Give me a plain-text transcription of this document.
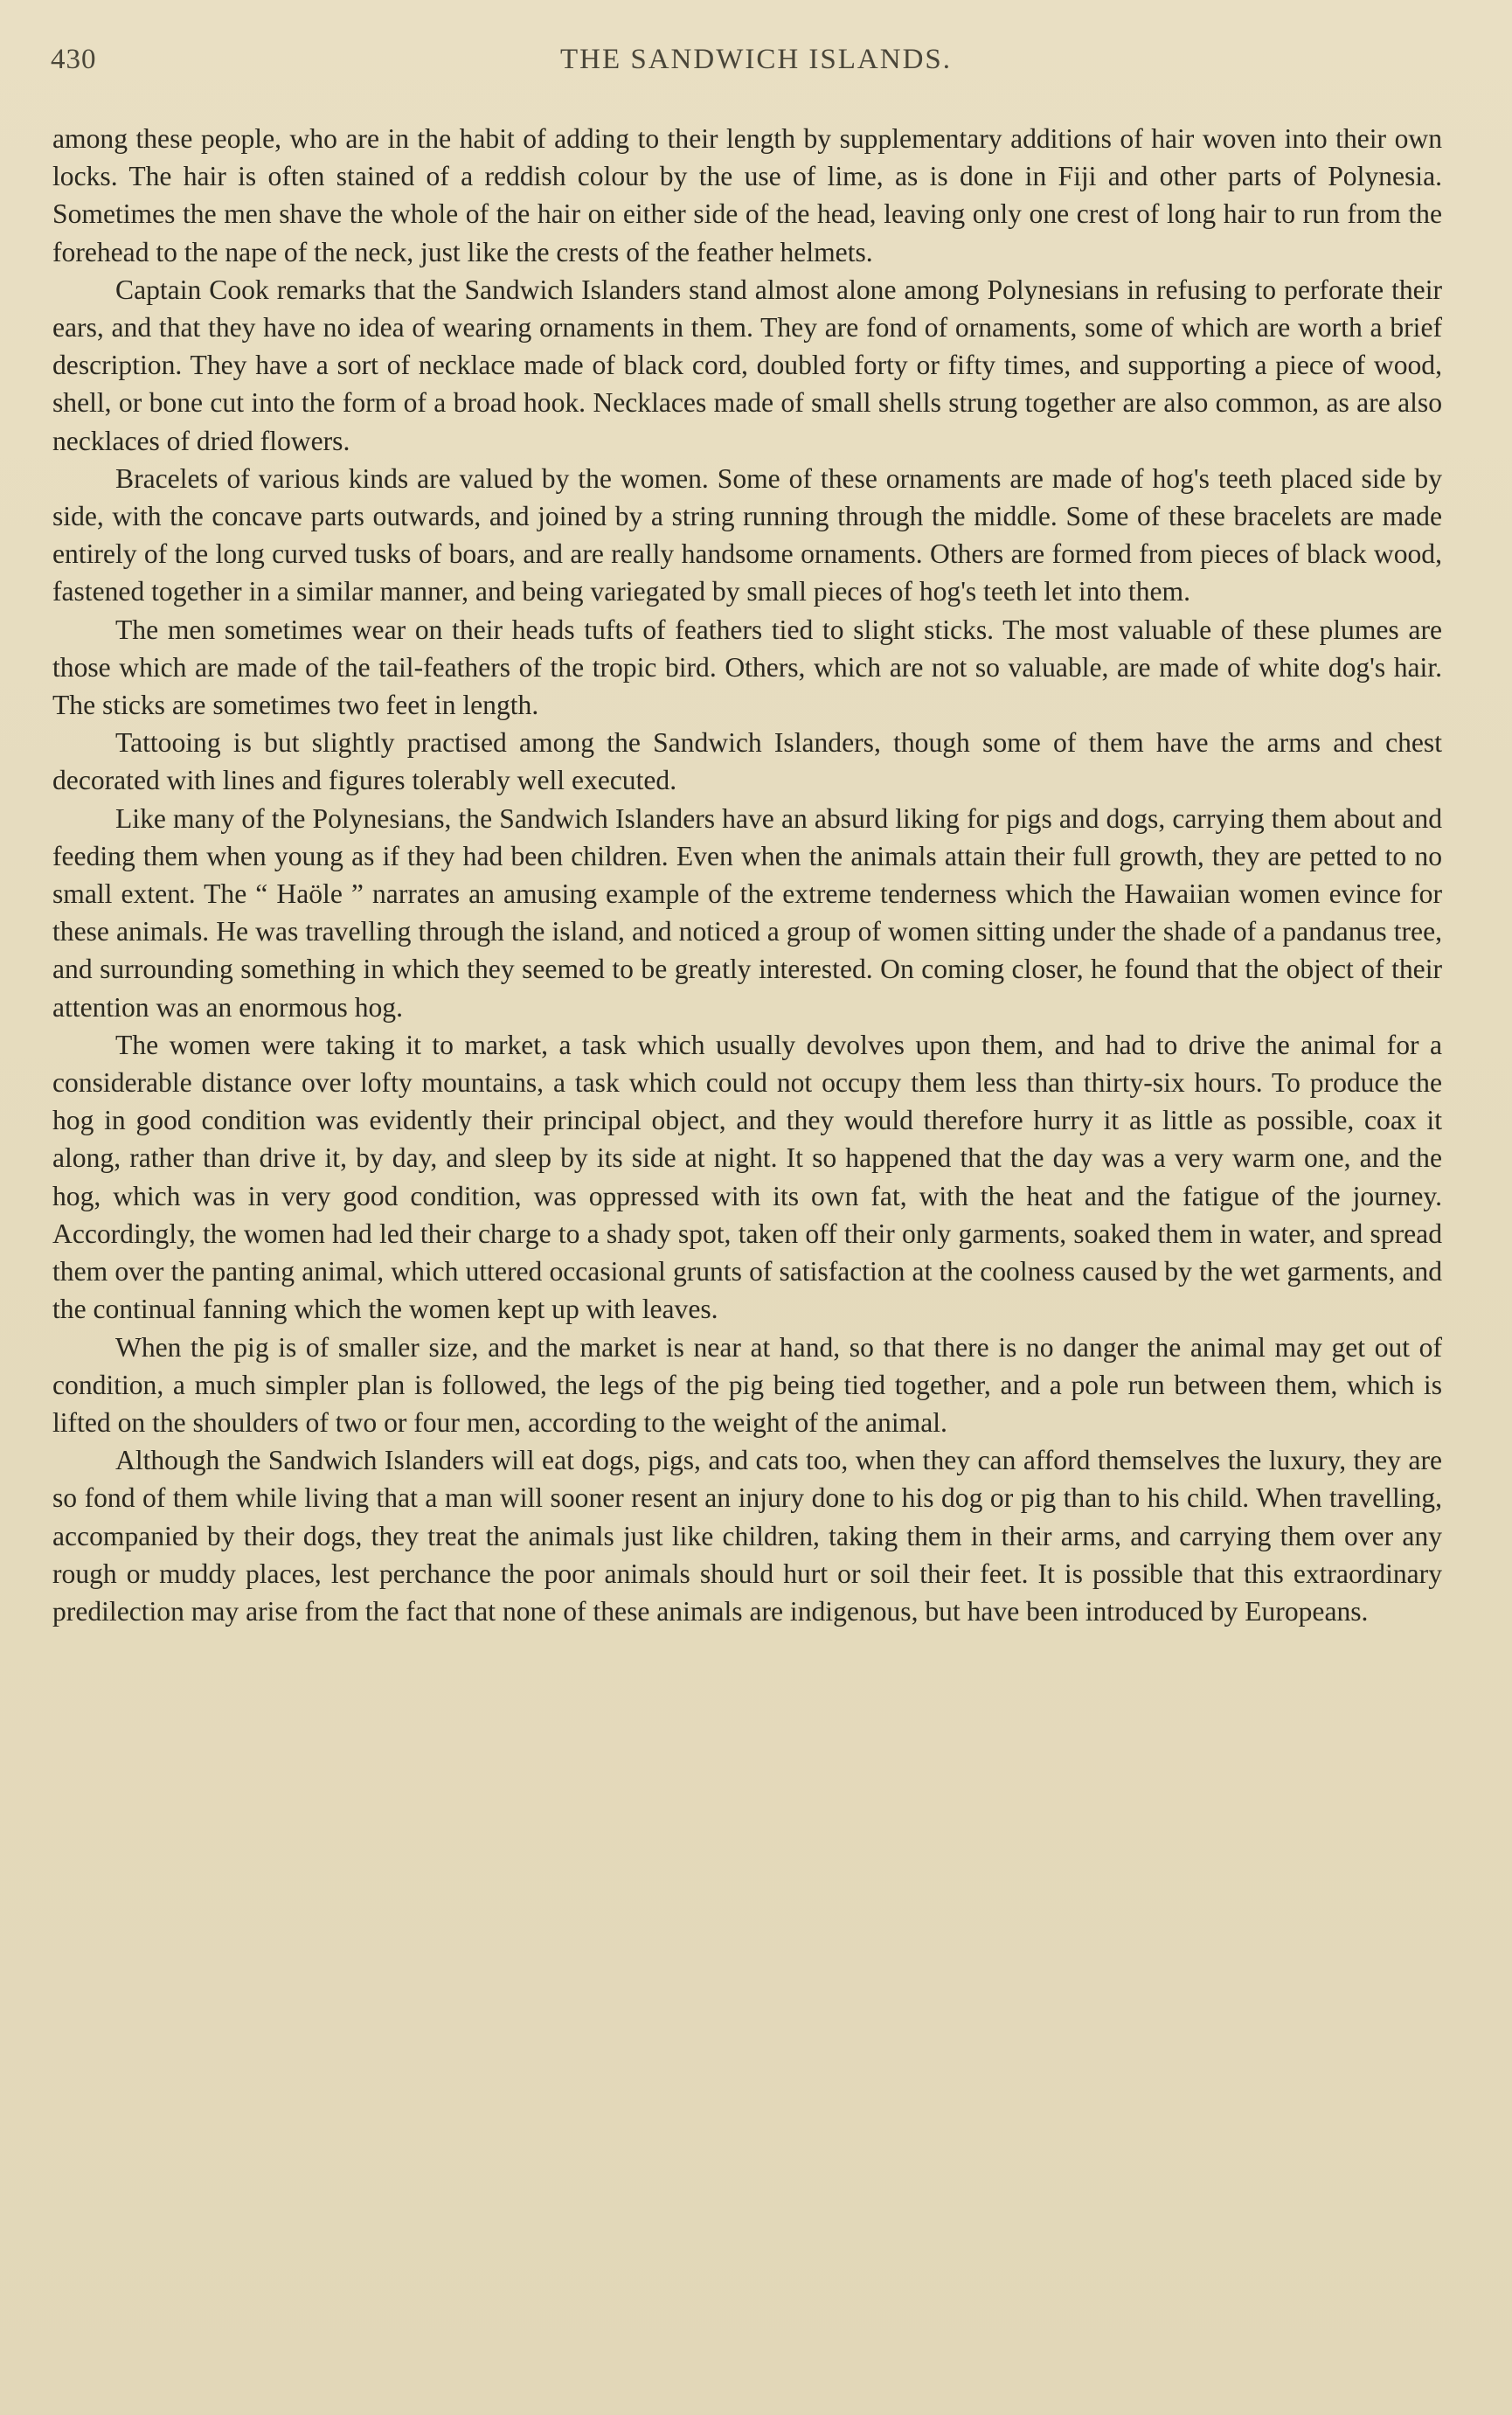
430	THE SANDWICH ISLANDS.

among these people, who are in the habit of adding to their length by supplementary additions of hair woven into their own locks. The hair is often stained of a reddish colour by the use of lime, as is done in Fiji and other parts of Polynesia. Sometimes the men shave the whole of the hair on either side of the head, leaving only one crest of long hair to run from the forehead to the nape of the neck, just like the crests of the feather helmets.

Captain Cook remarks that the Sandwich Islanders stand almost alone among Polynesians in refusing to perforate their ears, and that they have no idea of wearing ornaments in them. They are fond of ornaments, some of which are worth a brief description. They have a sort of necklace made of black cord, doubled forty or fifty times, and supporting a piece of wood, shell, or bone cut into the form of a broad hook. Necklaces made of small shells strung together are also common, as are also necklaces of dried flowers.

Bracelets of various kinds are valued by the women. Some of these ornaments are made of hog's teeth placed side by side, with the concave parts outwards, and joined by a string running through the middle. Some of these bracelets are made entirely of the long curved tusks of boars, and are really handsome ornaments. Others are formed from pieces of black wood, fastened together in a similar manner, and being variegated by small pieces of hog's teeth let into them.

The men sometimes wear on their heads tufts of feathers tied to slight sticks. The most valuable of these plumes are those which are made of the tail-feathers of the tropic bird. Others, which are not so valuable, are made of white dog's hair. The sticks are sometimes two feet in length.

Tattooing is but slightly practised among the Sandwich Islanders, though some of them have the arms and chest decorated with lines and figures tolerably well executed.

Like many of the Polynesians, the Sandwich Islanders have an absurd liking for pigs and dogs, carrying them about and feeding them when young as if they had been children. Even when the animals attain their full growth, they are petted to no small extent. The “ Haöle ” narrates an amusing example of the extreme tenderness which the Hawaiian women evince for these animals. He was travelling through the island, and noticed a group of women sitting under the shade of a pandanus tree, and surrounding something in which they seemed to be greatly interested. On coming closer, he found that the object of their attention was an enormous hog.

The women were taking it to market, a task which usually devolves upon them, and had to drive the animal for a considerable distance over lofty mountains, a task which could not occupy them less than thirty-six hours. To produce the hog in good condition was evidently their principal object, and they would therefore hurry it as little as possible, coax it along, rather than drive it, by day, and sleep by its side at night. It so happened that the day was a very warm one, and the hog, which was in very good condition, was oppressed with its own fat, with the heat and the fatigue of the journey. Accordingly, the women had led their charge to a shady spot, taken off their only garments, soaked them in water, and spread them over the panting animal, which uttered occasional grunts of satisfaction at the coolness caused by the wet garments, and the continual fanning which the women kept up with leaves.

When the pig is of smaller size, and the market is near at hand, so that there is no danger the animal may get out of condition, a much simpler plan is followed, the legs of the pig being tied together, and a pole run between them, which is lifted on the shoulders of two or four men, according to the weight of the animal.

Although the Sandwich Islanders will eat dogs, pigs, and cats too, when they can afford themselves the luxury, they are so fond of them while living that a man will sooner resent an injury done to his dog or pig than to his child. When travelling, accompanied by their dogs, they treat the animals just like children, taking them in their arms, and carrying them over any rough or muddy places, lest perchance the poor animals should hurt or soil their feet. It is possible that this extraordinary predilection may arise from the fact that none of these animals are indigenous, but have been introduced by Europeans.
